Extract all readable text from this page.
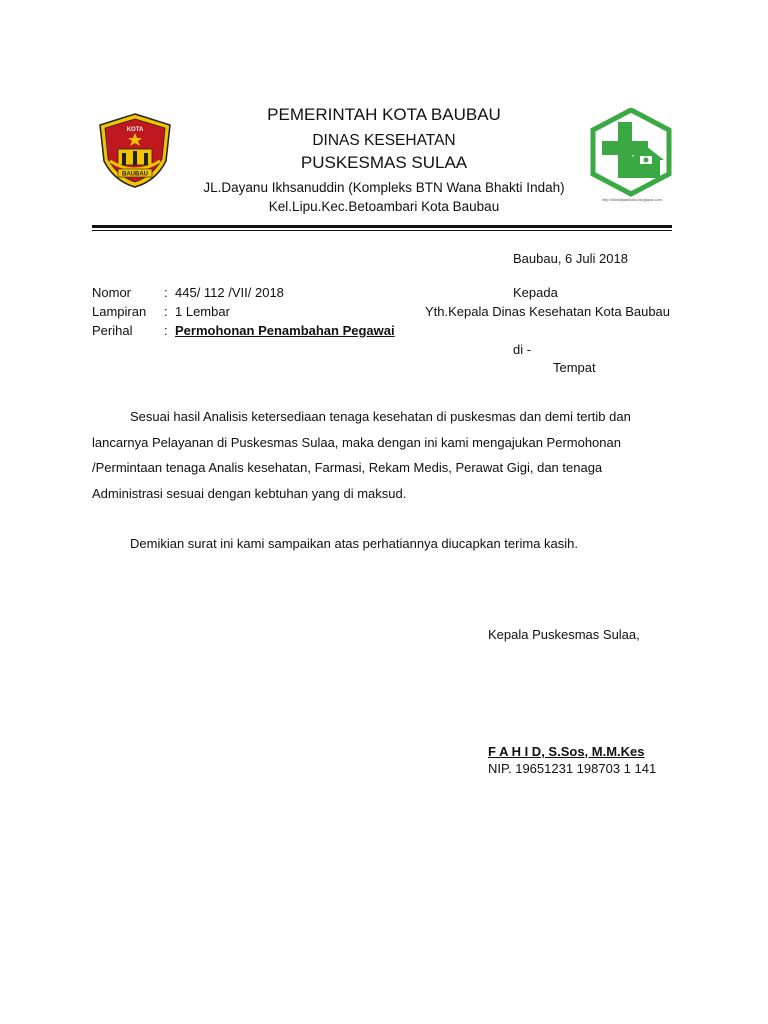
KOTA
BAUBAU
http://kliniktjiambalu.blogspot.com
PEMERINTAH KOTA BAUBAU
DINAS KESEHATAN
PUSKESMAS SULAA
JL.Dayanu Ikhsanuddin (Kompleks BTN Wana Bhakti Indah)
Kel.Lipu.Kec.Betoambari Kota Baubau
Baubau, 6 Juli 2018
Nomor	: 445/ 112 /VII/ 2018
Lampiran : 1 Lembar
Perihal : Permohonan Penambahan Pegawai
Kepada
Yth.Kepala Dinas Kesehatan Kota Baubau
di -
Tempat
Sesuai hasil Analisis ketersediaan tenaga kesehatan di puskesmas dan demi tertib dan
lancarnya Pelayanan di Puskesmas Sulaa, maka dengan ini kami mengajukan Permohonan
/Permintaan tenaga Analis kesehatan, Farmasi, Rekam Medis, Perawat Gigi, dan tenaga
Administrasi sesuai dengan kebtuhan yang di maksud.
Demikian surat ini kami sampaikan atas perhatiannya diucapkan terima kasih.
Kepala Puskesmas Sulaa,
F A H I D, S.Sos, M.M.Kes
NIP. 19651231 198703 1 141
